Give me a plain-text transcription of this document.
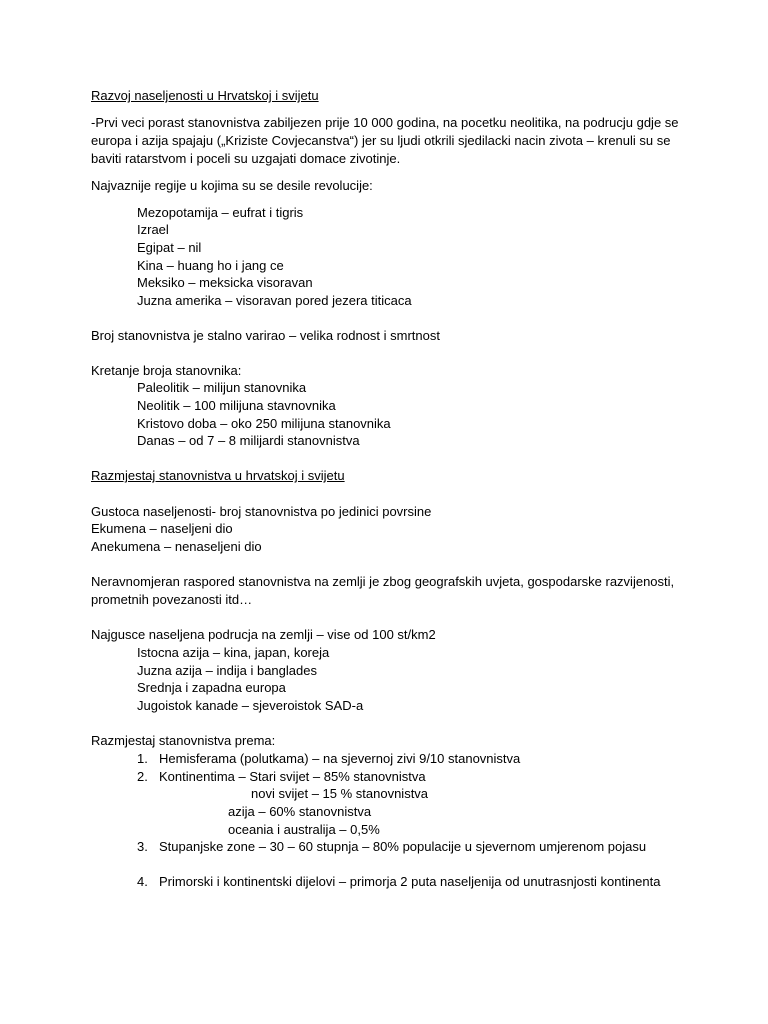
Razvoj naseljenosti u Hrvatskoj i svijetu
-Prvi veci porast stanovnistva zabiljezen prije 10 000 godina, na pocetku neolitika, na podrucju gdje se
europa i azija spajaju („Kriziste Covjecanstva“) jer su ljudi otkrili sjedilacki nacin zivota – krenuli su se
baviti ratarstvom i poceli su uzgajati domace zivotinje.
Najvaznije regije u kojima su se desile revolucije:
Mezopotamija – eufrat i tigris
Izrael
Egipat – nil
Kina – huang ho i jang ce
Meksiko – meksicka visoravan
Juzna amerika – visoravan pored jezera titicaca
Broj stanovnistva je stalno varirao – velika rodnost i smrtnost
Kretanje broja stanovnika:
Paleolitik – milijun stanovnika
Neolitik – 100 milijuna stavnovnika
Kristovo doba – oko 250 milijuna stanovnika
Danas – od 7 – 8 milijardi stanovnistva
Razmjestaj stanovnistva u hrvatskoj i svijetu
Gustoca naseljenosti- broj stanovnistva po jedinici povrsine
Ekumena – naseljeni dio
Anekumena – nenaseljeni dio
Neravnomjeran raspored stanovnistva na zemlji je zbog geografskih uvjeta, gospodarske razvijenosti,
prometnih povezanosti itd…
Najgusce naseljena podrucja na zemlji – vise od 100 st/km2
Istocna azija – kina, japan, koreja
Juzna azija – indija i banglades
Srednja i zapadna europa
Jugoistok kanade – sjeveroistok SAD-a
Razmjestaj stanovnistva prema:
1. Hemisferama (polutkama) – na sjevernoj zivi 9/10 stanovnistva
2. Kontinentima – Stari svijet – 85% stanovnistva
novi svijet – 15 % stanovnistva
azija – 60% stanovnistva
oceania i australija – 0,5%
3. Stupanjske zone – 30 – 60 stupnja – 80% populacije u sjevernom umjerenom pojasu
4. Primorski i kontinentski dijelovi – primorja 2 puta naseljenija od unutrasnjosti kontinenta
